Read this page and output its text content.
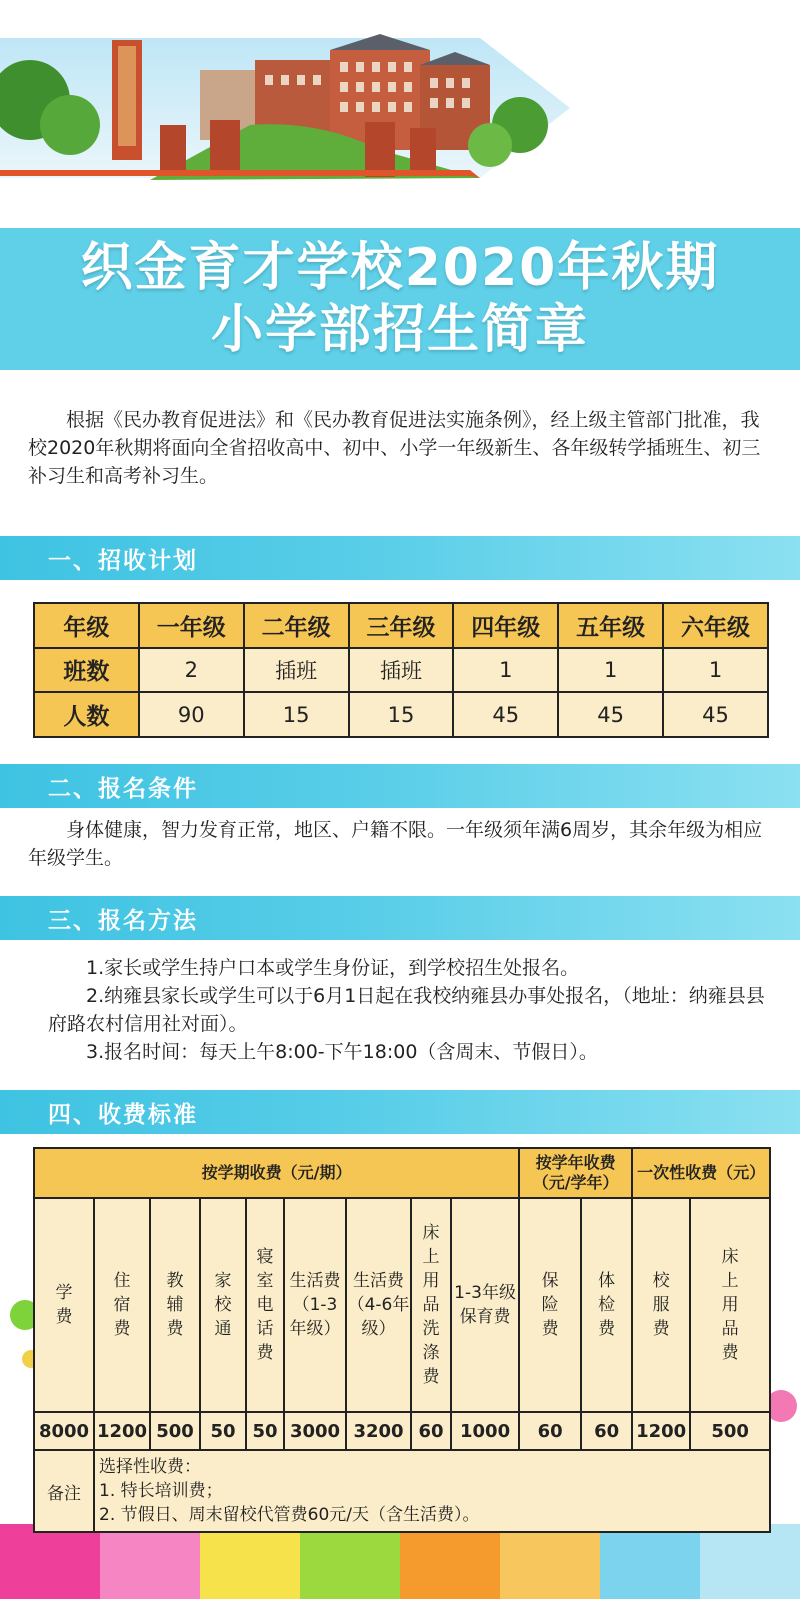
织金育才学校2020年秋期
小学部招生简章

根据《民办教育促进法》和《民办教育促进法实施条例》，经上级主管部门批准，我校2020年秋期将面向全省招收高中、初中、小学一年级新生、各年级转学插班生、初三补习生和高考补习生。

一、招收计划
年级	一年级	二年级	三年级	四年级	五年级	六年级
班数	2	插班	插班	1	1	1
人数	90	15	15	45	45	45
二、报名条件

身体健康，智力发育正常，地区、户籍不限。一年级须年满6周岁，其余年级为相应年级学生。

三、报名方法

1.家长或学生持户口本或学生身份证，到学校招生处报名。

2.纳雍县家长或学生可以于6月1日起在我校纳雍县办事处报名，（地址：纳雍县县府路农村信用社对面）。

3.报名时间：每天上午8:00-下午18:00（含周末、节假日）。

四、收费标准
按学期收费（元/期）									按学年收费（元/学年）		一次性收费（元）	
学费	住宿费	教辅费	家校通	寝室电话费	生活费（1-3年级）	生活费（4-6年级）	床上用品洗涤费	1-3年级保育费	保险费	体检费	校服费	床上用品费
8000	1200	500	50	50	3000	3200	60	1000	60	60	1200	500
备注	选择性收费：
1. 特长培训费；
2. 节假日、周末留校代管费60元/天（含生活费）。											
